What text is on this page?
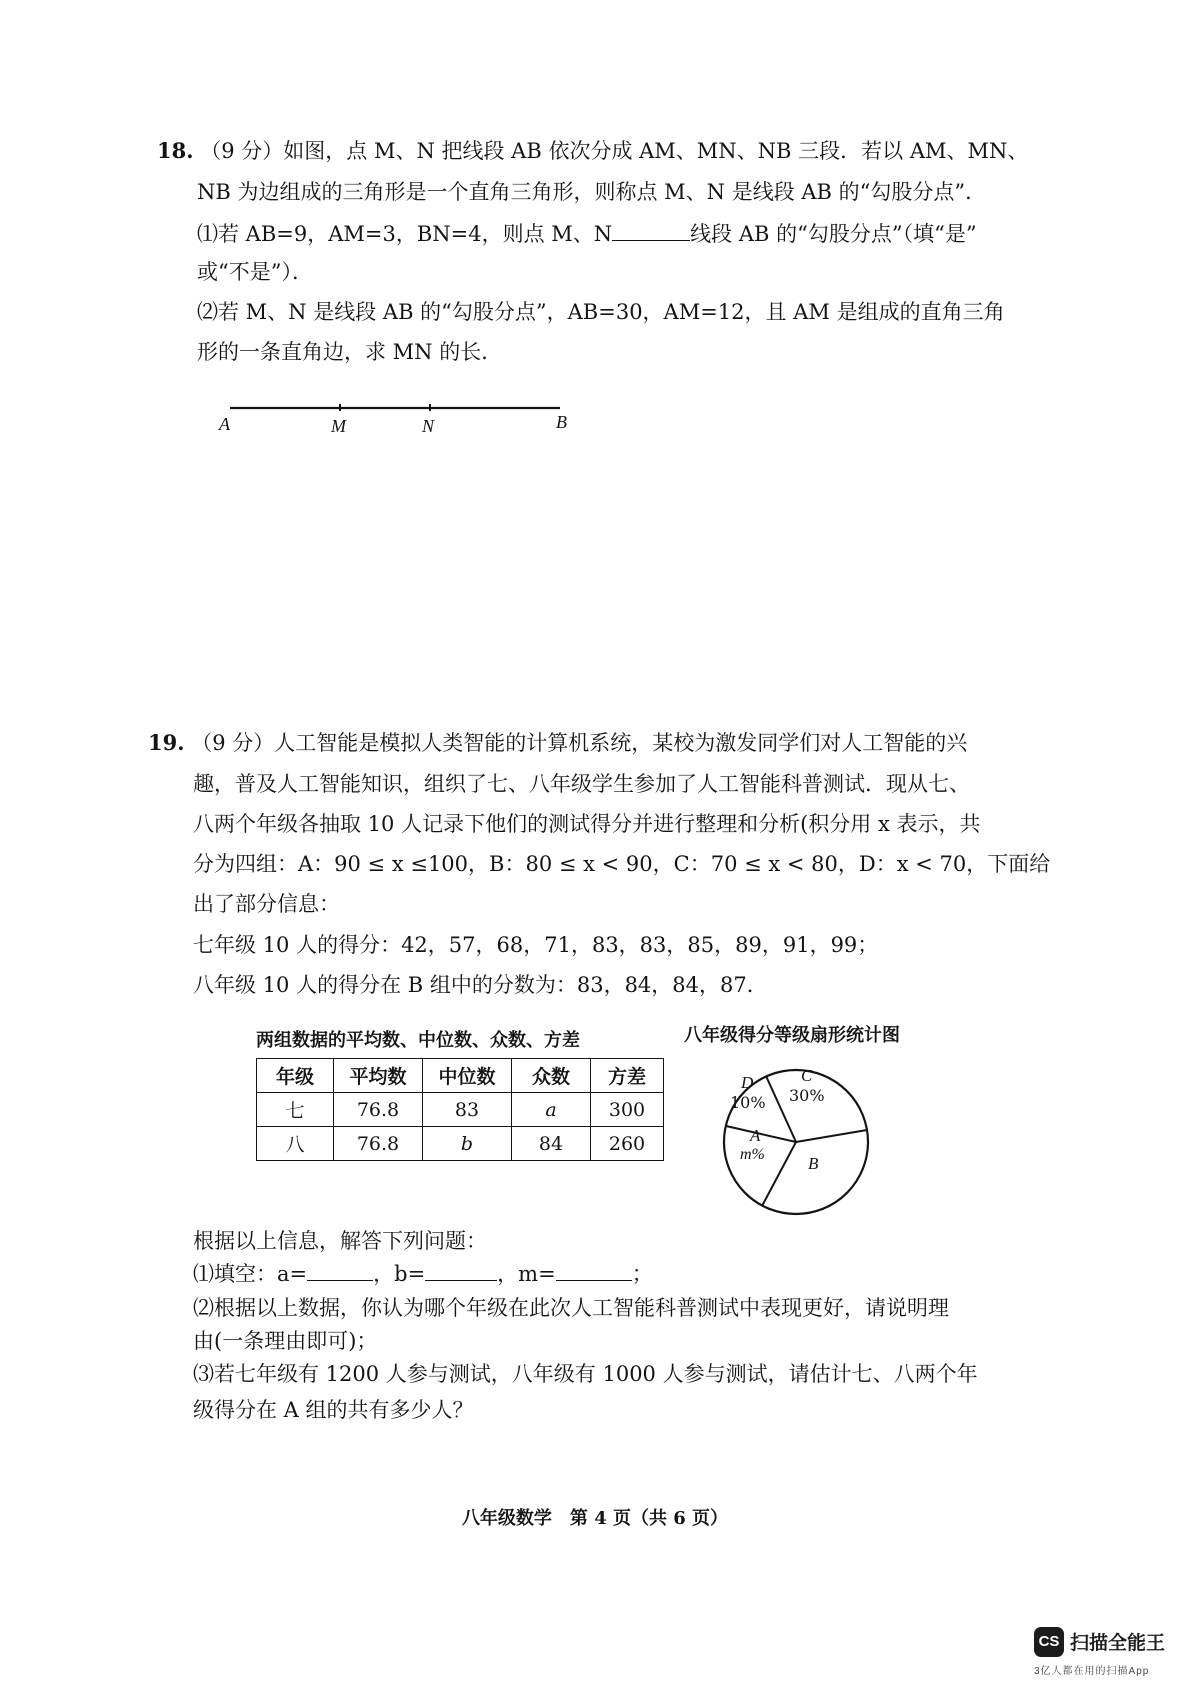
18. （9 分）如图，点 M、N 把线段 AB 依次分成 AM、MN、NB 三段．若以 AM、MN、
NB 为边组成的三角形是一个直角三角形，则称点 M、N 是线段 AB 的“勾股分点”．
⑴若 AB=9，AM=3，BN=4，则点 M、N	线段 AB 的“勾股分点”（填“是”
或“不是”）．
⑵若 M、N 是线段 AB 的“勾股分点”，AB=30，AM=12，且 AM 是组成的直角三角
形的一条直角边，求 MN 的长．
A	M	N	B
19. （9 分）人工智能是模拟人类智能的计算机系统，某校为激发同学们对人工智能的兴
趣，普及人工智能知识，组织了七、八年级学生参加了人工智能科普测试．现从七、
八两个年级各抽取 10 人记录下他们的测试得分并进行整理和分析(积分用 x 表示，共
分为四组：A：90 ≤ x ≤100，B：80 ≤ x < 90，C：70 ≤ x < 80，D：x < 70，下面给
出了部分信息：
七年级 10 人的得分：42，57，68，71，83，83，85，89，91，99；
八年级 10 人的得分在 B 组中的分数为：83，84，84，87．
两组数据的平均数、中位数、众数、方差
年级	平均数	中位数	众数	方差
七	76.8	83	a	300
八	76.8	b	84	260
八年级得分等级扇形统计图
D
10%
C
30%
A
m%	B
根据以上信息，解答下列问题：
⑴填空：a=	，b=	，m=	；
⑵根据以上数据，你认为哪个年级在此次人工智能科普测试中表现更好，请说明理
由(一条理由即可)；
⑶若七年级有 1200 人参与测试，八年级有 1000 人参与测试，请估计七、八两个年
级得分在 A 组的共有多少人？
八年级数学　第 4 页（共 6 页）
CS 扫描全能王
3亿人都在用的扫描App
